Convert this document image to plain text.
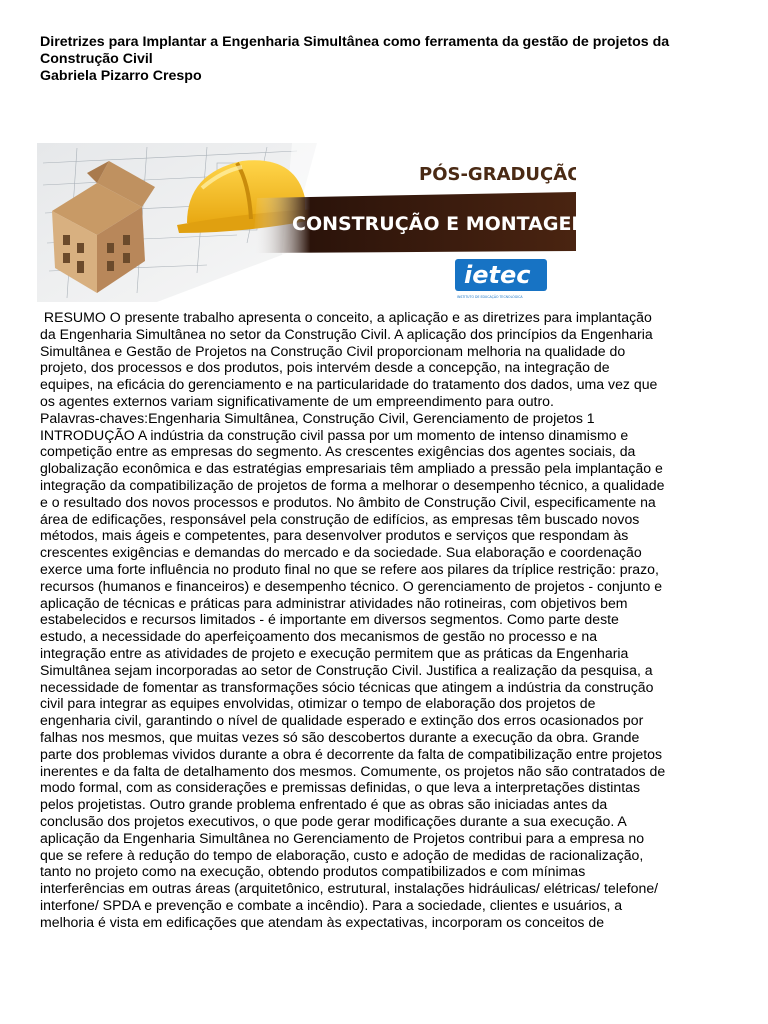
Diretrizes para Implantar a Engenharia Simultânea como ferramenta da gestão de projetos da
Construção Civil
Gabriela Pizarro Crespo
PÓS-GRADUÇÃO
CONSTRUÇÃO E MONTAGEM
ietec
INSTITUTO DE EDUCAÇÃO TECNOLÓGICA
RESUMO O presente trabalho apresenta o conceito, a aplicação e as diretrizes para implantação
da Engenharia Simultânea no setor da Construção Civil. A aplicação dos princípios da Engenharia
Simultânea e Gestão de Projetos na Construção Civil proporcionam melhoria na qualidade do
projeto, dos processos e dos produtos, pois intervém desde a concepção, na integração de
equipes, na eficácia do gerenciamento e na particularidade do tratamento dos dados, uma vez que
os agentes externos variam significativamente de um empreendimento para outro.
Palavras-chaves:Engenharia Simultânea, Construção Civil, Gerenciamento de projetos 1
INTRODUÇÃO A indústria da construção civil passa por um momento de intenso dinamismo e
competição entre as empresas do segmento. As crescentes exigências dos agentes sociais, da
globalização econômica e das estratégias empresariais têm ampliado a pressão pela implantação e
integração da compatibilização de projetos de forma a melhorar o desempenho técnico, a qualidade
e o resultado dos novos processos e produtos. No âmbito de Construção Civil, especificamente na
área de edificações, responsável pela construção de edifícios, as empresas têm buscado novos
métodos, mais ágeis e competentes, para desenvolver produtos e serviços que respondam às
crescentes exigências e demandas do mercado e da sociedade. Sua elaboração e coordenação
exerce uma forte influência no produto final no que se refere aos pilares da tríplice restrição: prazo,
recursos (humanos e financeiros) e desempenho técnico. O gerenciamento de projetos - conjunto e
aplicação de técnicas e práticas para administrar atividades não rotineiras, com objetivos bem
estabelecidos e recursos limitados - é importante em diversos segmentos. Como parte deste
estudo, a necessidade do aperfeiçoamento dos mecanismos de gestão no processo e na
integração entre as atividades de projeto e execução permitem que as práticas da Engenharia
Simultânea sejam incorporadas ao setor de Construção Civil. Justifica a realização da pesquisa, a
necessidade de fomentar as transformações sócio técnicas que atingem a indústria da construção
civil para integrar as equipes envolvidas, otimizar o tempo de elaboração dos projetos de
engenharia civil, garantindo o nível de qualidade esperado e extinção dos erros ocasionados por
falhas nos mesmos, que muitas vezes só são descobertos durante a execução da obra. Grande
parte dos problemas vividos durante a obra é decorrente da falta de compatibilização entre projetos
inerentes e da falta de detalhamento dos mesmos. Comumente, os projetos não são contratados de
modo formal, com as considerações e premissas definidas, o que leva a interpretações distintas
pelos projetistas. Outro grande problema enfrentado é que as obras são iniciadas antes da
conclusão dos projetos executivos, o que pode gerar modificações durante a sua execução. A
aplicação da Engenharia Simultânea no Gerenciamento de Projetos contribui para a empresa no
que se refere à redução do tempo de elaboração, custo e adoção de medidas de racionalização,
tanto no projeto como na execução, obtendo produtos compatibilizados e com mínimas
interferências em outras áreas (arquitetônico, estrutural, instalações hidráulicas/ elétricas/ telefone/
interfone/ SPDA e prevenção e combate a incêndio). Para a sociedade, clientes e usuários, a
melhoria é vista em edificações que atendam às expectativas, incorporam os conceitos de
